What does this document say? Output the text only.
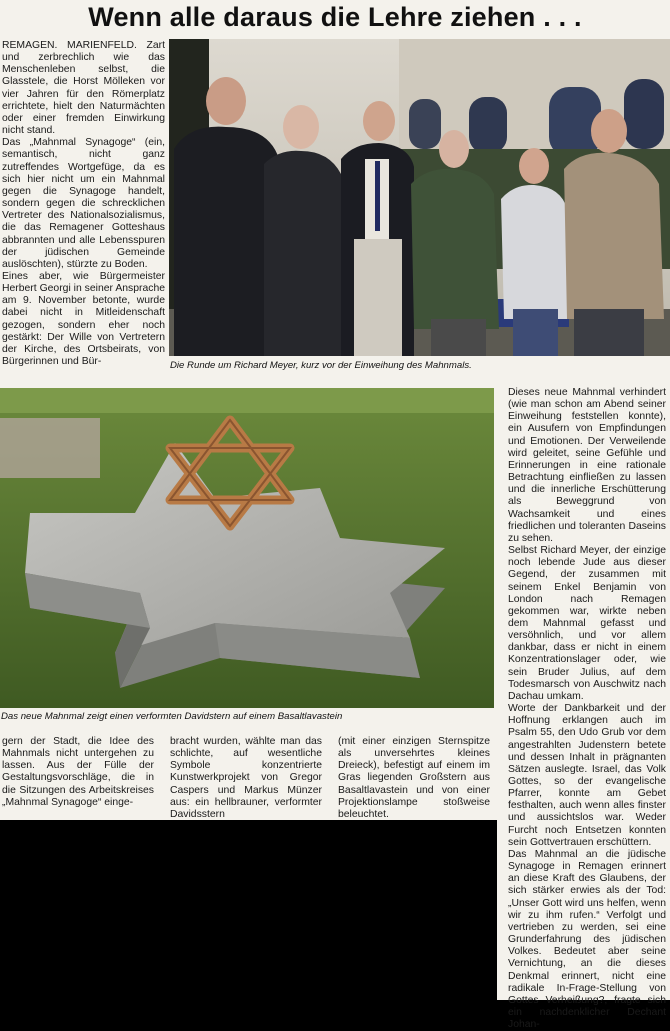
Wenn alle daraus die Lehre ziehen . . .

REMAGEN. MARIENFELD. Zart und zerbrechlich wie das Menschenleben selbst, die Glasstele, die Horst Mölleken vor vier Jahren für den Römerplatz errichtete, hielt den Naturmächten oder einer fremden Einwirkung nicht stand.

Das „Mahnmal Synagoge“ (ein, semantisch, nicht ganz zutreffendes Wortgefüge, da es sich hier nicht um ein Mahnmal gegen die Synagoge handelt, sondern gegen die schrecklichen Vertreter des Nationalsozialismus, die das Remagener Gotteshaus abbrannten und alle Lebensspuren der jüdischen Gemeinde auslöschten), stürzte zu Boden.

Eines aber, wie Bürgermeister Herbert Georgi in seiner Ansprache am 9. November betonte, wurde dabei nicht in Mitleidenschaft gezogen, sondern eher noch gestärkt: Der Wille von Vertretern der Kirche, des Ortsbeirats, von Bürgerinnen und Bür-	Die Runde um Richard Meyer, kurz vor der Einweihung des Mahnmals.
Das neue Mahnmal zeigt einen verformten Davidstern auf einem Basaltlavastein

gern der Stadt, die Idee des Mahnmals nicht untergehen zu lassen. Aus der Fülle der Gestaltungsvorschläge, die in die Sitzungen des Arbeitskreises „Mahnmal Synagoge“ einge-

bracht wurden, wählte man das schlichte, auf wesentliche Symbole konzentrierte Kunstwerkprojekt von Gregor Caspers und Markus Münzer aus: ein hellbrauner, verformter Davidsstern

(mit einer einzigen Sternspitze als unversehrtes kleines Dreieck), befestigt auf einem im Gras liegenden Großstern aus Basaltlavastein und von einer Projektionslampe stoßweise beleuchtet.

Dieses neue Mahnmal verhindert (wie man schon am Abend seiner Einweihung feststellen konnte), ein Ausufern von Empfindungen und Emotionen. Der Verweilende wird geleitet, seine Gefühle und Erinnerungen in eine rationale Betrachtung einfließen zu lassen und die innerliche Erschütterung als Beweggrund von Wachsamkeit und eines friedlichen und toleranten Daseins zu sehen.

Selbst Richard Meyer, der einzige noch lebende Jude aus dieser Gegend, der zusammen mit seinem Enkel Benjamin von London nach Remagen gekommen war, wirkte neben dem Mahnmal gefasst und versöhnlich, und vor allem dankbar, dass er nicht in einem Konzentrationslager oder, wie sein Bruder Julius, auf dem Todesmarsch von Auschwitz nach Dachau umkam.

Worte der Dankbarkeit und der Hoffnung erklangen auch im Psalm 55, den Udo Grub vor dem angestrahlten Judenstern betete und dessen Inhalt in prägnanten Sätzen auslegte. Israel, das Volk Gottes, so der evangelische Pfarrer, konnte am Gebet festhalten, auch wenn alles finster und aussichtslos war. Weder Furcht noch Entsetzen konnten sein Gottvertrauen erschüttern.

Das Mahnmal an die jüdische Synagoge in Remagen erinnert an diese Kraft des Glaubens, der sich stärker erwies als der Tod: „Unser Gott wird uns helfen, wenn wir zu ihm rufen.“ Verfolgt und vertrieben zu werden, sei eine Grunderfahrung des jüdischen Volkes. Bedeutet aber seine Vernichtung, an die dieses Denkmal erinnert, nicht eine radikale In-Frage-Stellung von Gottes Verheißung?, fragte sich ein nachdenklicher Dechant Johan-
